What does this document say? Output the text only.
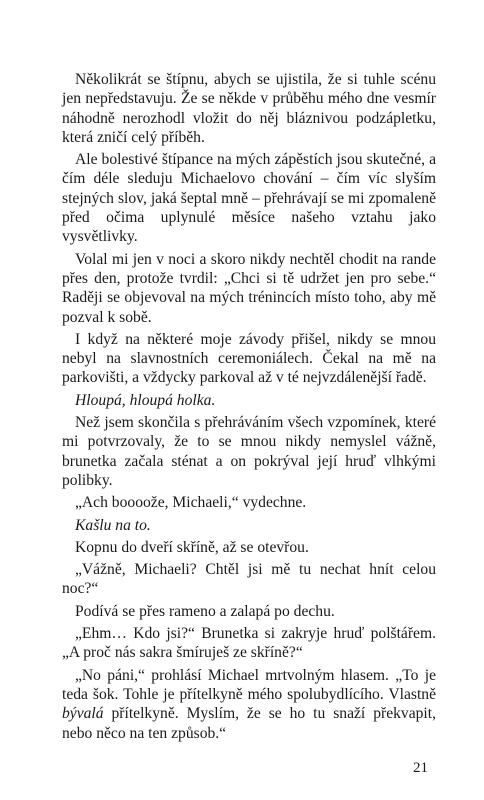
Několikrát se štípnu, abych se ujistila, že si tuhle scénu jen nepředstavuju. Že se někde v průběhu mého dne vesmír náhodně nerozhodl vložit do něj bláznivou podzápletku, která zničí celý příběh.

Ale bolestivé štípance na mých zápěstích jsou skutečné, a čím déle sleduju Michaelovo chování – čím víc slyším stejných slov, jaká šeptal mně – přehrávají se mi zpomaleně před očima uplynulé měsíce našeho vztahu jako vysvětlivky.

Volal mi jen v noci a skoro nikdy nechtěl chodit na rande přes den, protože tvrdil: „Chci si tě udržet jen pro sebe.“ Raději se objevoval na mých trénincích místo toho, aby mě pozval k sobě.

I když na některé moje závody přišel, nikdy se mnou nebyl na slavnostních ceremoniálech. Čekal na mě na parkovišti, a vždycky parkoval až v té nejvzdálenější řadě.

Hloupá, hloupá holka.

Než jsem skončila s přehráváním všech vzpomínek, které mi potvrzovaly, že to se mnou nikdy nemyslel vážně, brunetka začala sténat a on pokrýval její hruď vlhkými polibky.

„Ach boooože, Michaeli,“ vydechne.

Kašlu na to.

Kopnu do dveří skříně, až se otevřou.

„Vážně, Michaeli? Chtěl jsi mě tu nechat hnít celou noc?“

Podívá se přes rameno a zalapá po dechu.

„Ehm… Kdo jsi?“ Brunetka si zakryje hruď polštářem. „A proč nás sakra šmíruješ ze skříně?“

„No páni,“ prohlásí Michael mrtvolným hlasem. „To je teda šok. Tohle je přítelkyně mého spolubydlícího. Vlastně bývalá přítelkyně. Myslím, že se ho tu snaží překvapit, nebo něco na ten způsob.“

21
